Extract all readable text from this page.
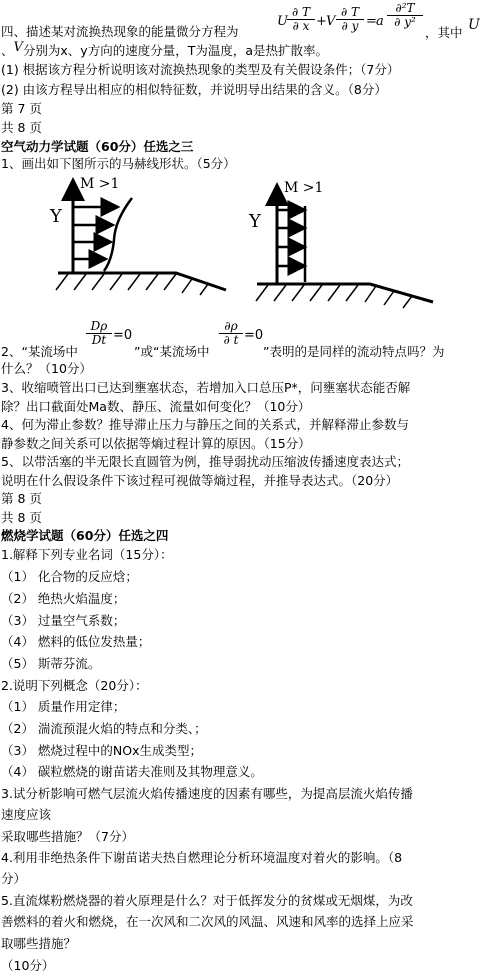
四、描述某对流换热现象的能量微分方程为
U $\frac{\partial T}{\partial x} + V \frac{\partial T}{\partial y} = a \frac{\text{∂²T}}{\text{∂ y²}}$
，其中 U
、V分别为x、y方向的速度分量，T为温度，a是热扩散率。
(1) 根据该方程分析说明该对流换热现象的类型及有关假设条件；（7分）
(2) 由该方程导出相应的相似特征数，并说明导出结果的含义。（8分）
第 7 页
共 8 页
空气动力学试题（60分）任选之三
1、画出如下图所示的马赫线形状。（5分）
M >1
Y
M >1
Y
2、“某流场中
$\frac{D\rho}{Dt} =0$
”或“某流场中
$\frac{\partial\rho}{\partial t} =0$
”表明的是同样的流动特点吗？为
什么？（10分）
3、收缩喷管出口已达到壅塞状态，若增加入口总压P*，问壅塞状态能否解
除？出口截面处Ma数、静压、流量如何变化？（10分）
4、何为滞止参数？推导滞止压力与静压之间的关系式，并解释滞止参数与
静参数之间关系可以依据等熵过程计算的原因。（15分）
5、以带活塞的半无限长直圆管为例，推导弱扰动压缩波传播速度表达式；
说明在什么假设条件下该过程可视做等熵过程，并推导表达式。（20分）
第 8 页
共 8 页
燃烧学试题（60分）任选之四
1.解释下列专业名词（15分）：
（1） 化合物的反应焓；
（2） 绝热火焰温度；
（3） 过量空气系数；
（4） 燃料的低位发热量；
（5） 斯蒂芬流。
2.说明下列概念（20分）：
（1） 质量作用定律；
（2） 湍流预混火焰的特点和分类、；
（3） 燃烧过程中的NOx生成类型；
（4） 碳粒燃烧的谢苗诺夫准则及其物理意义。
3.试分析影响可燃气层流火焰传播速度的因素有哪些，为提高层流火焰传播
速度应该
采取哪些措施？（7分）
4.利用非绝热条件下谢苗诺夫热自燃理论分析环境温度对着火的影响。（8
分）
5.直流煤粉燃烧器的着火原理是什么？对于低挥发分的贫煤或无烟煤，为改
善燃料的着火和燃烧，在一次风和二次风的风温、风速和风率的选择上应采
取哪些措施？
（10分）
